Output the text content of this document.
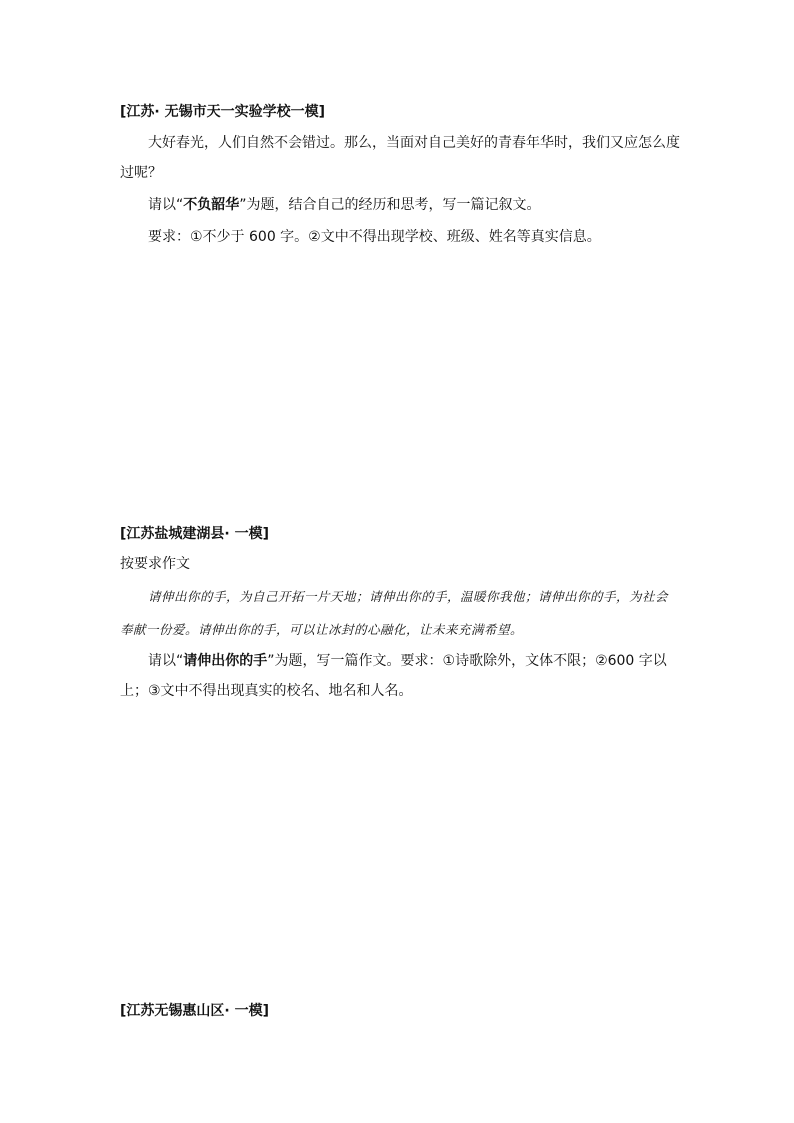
[江苏· 无锡市天一实验学校一模]

大好春光，人们自然不会错过。那么，当面对自己美好的青春年华时，我们又应怎么度过呢？

请以“不负韶华”为题，结合自己的经历和思考，写一篇记叙文。

要求：①不少于 600 字。②文中不得出现学校、班级、姓名等真实信息。

[江苏盐城建湖县· 一模]

按要求作文

请伸出你的手，为自己开拓一片天地；请伸出你的手，温暖你我他；请伸出你的手，为社会奉献一份爱。请伸出你的手，可以让冰封的心融化，让未来充满希望。

请以“请伸出你的手”为题，写一篇作文。要求：①诗歌除外，文体不限；②600 字以上；③文中不得出现真实的校名、地名和人名。

[江苏无锡惠山区· 一模]
